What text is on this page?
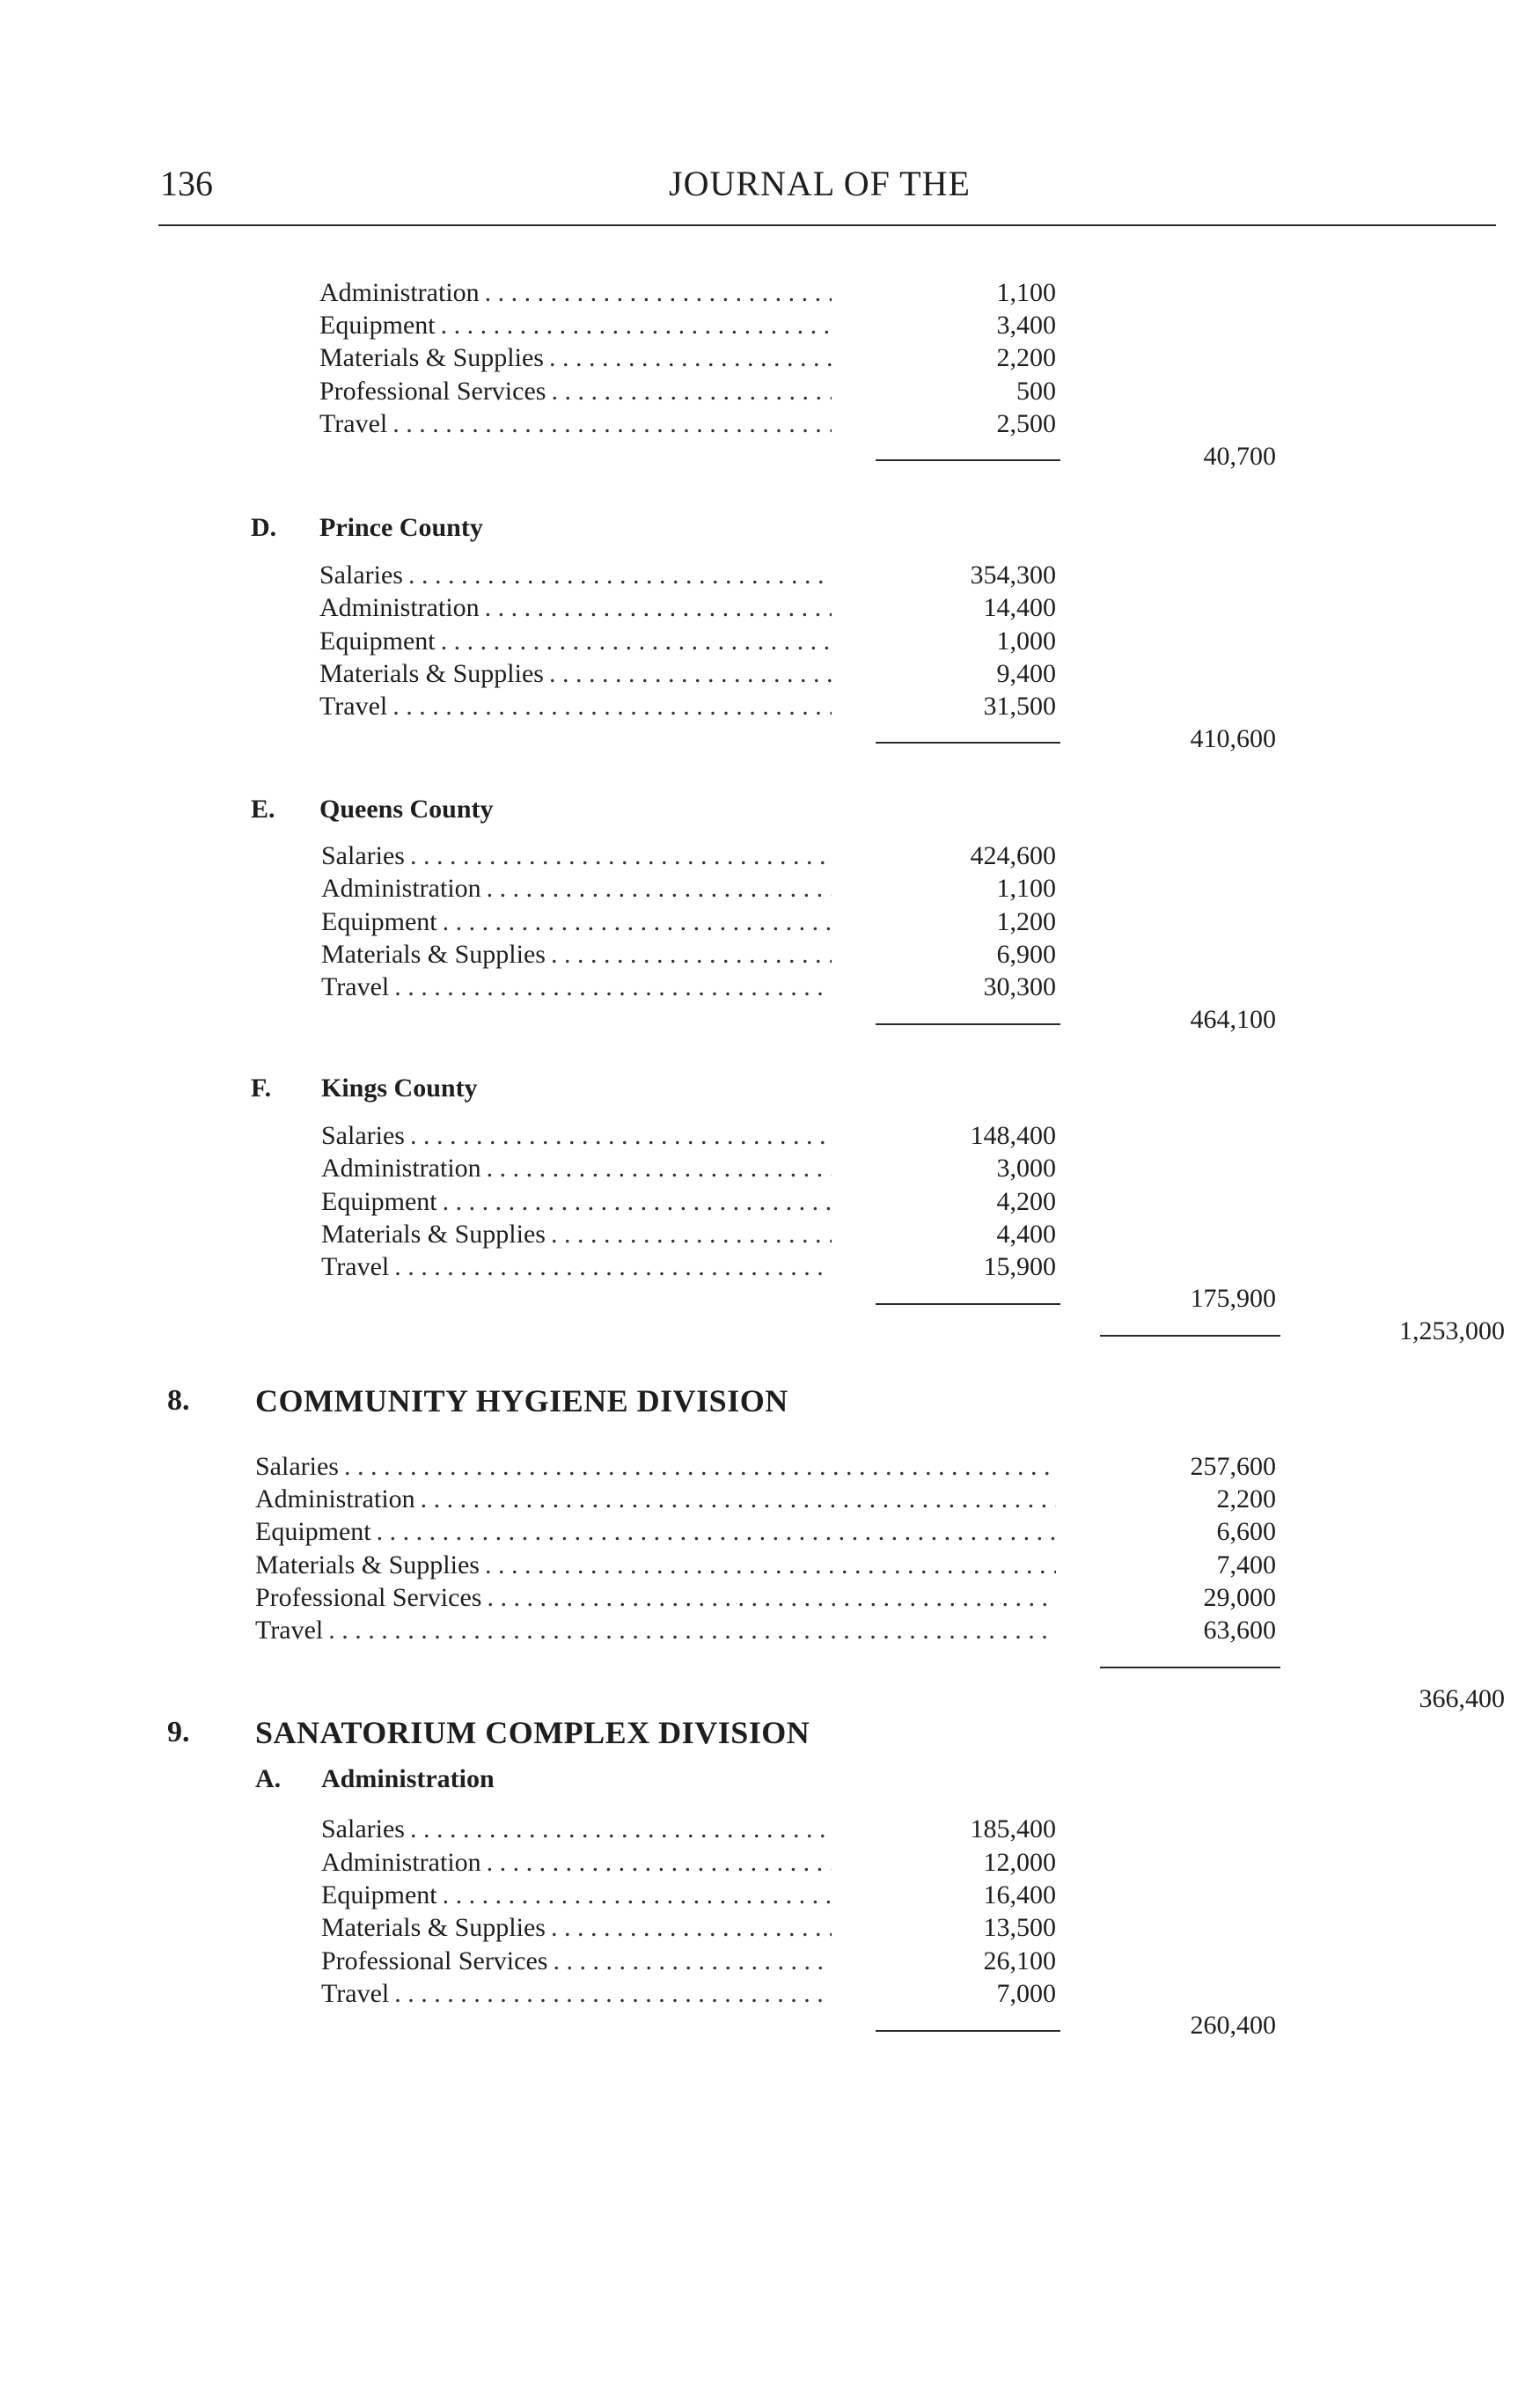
136	JOURNAL OF THE
Administration . . .	1,100
Equipment . . .	3,400
Materials & Supplies . . .	2,200
Professional Services . . .	500
Travel . . .	2,500
40,700
D. Prince County
Salaries . . .	354,300
Administration . . .	14,400
Equipment . . .	1,000
Materials & Supplies . . .	9,400
Travel . . .	31,500
410,600
E. Queens County
Salaries . . .	424,600
Administration . . .	1,100
Equipment . . .	1,200
Materials & Supplies . . .	6,900
Travel . . .	30,300
464,100
F. Kings County
Salaries . . .	148,400
Administration . . .	3,000
Equipment . . .	4,200
Materials & Supplies . . .	4,400
Travel . . .	15,900
175,900
1,253,000
8. COMMUNITY HYGIENE DIVISION
Salaries . . .	257,600
Administration . . .	2,200
Equipment . . .	6,600
Materials & Supplies . . .	7,400
Professional Services . . .	29,000
Travel . . .	63,600
366,400
9. SANATORIUM COMPLEX DIVISION
A. Administration
Salaries . . .	185,400
Administration . . .	12,000
Equipment . . .	16,400
Materials & Supplies . . .	13,500
Professional Services . . .	26,100
Travel . . .	7,000
260,400
